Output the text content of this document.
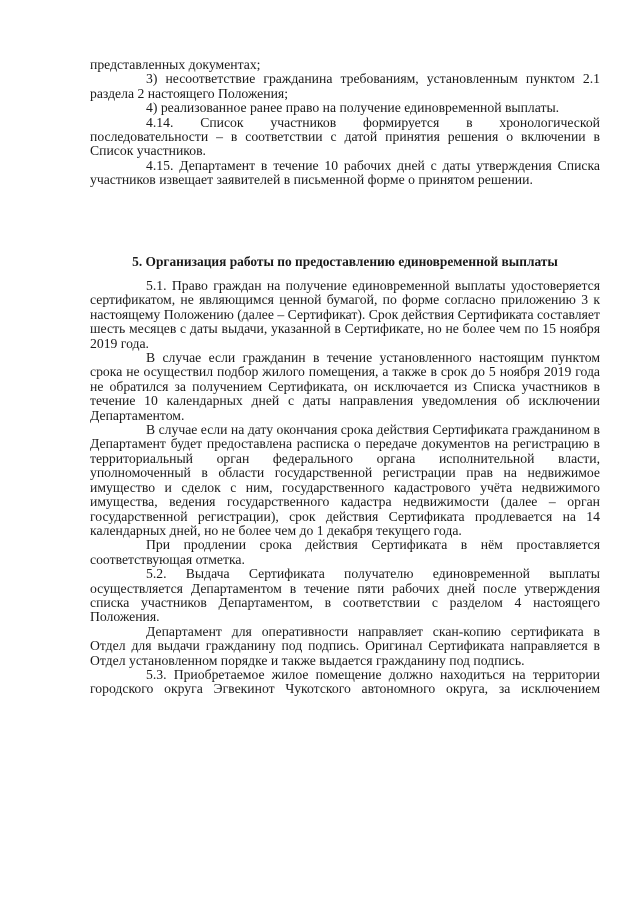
представленных документах;

3) несоответствие гражданина требованиям, установленным пунктом 2.1 раздела 2 настоящего Положения;

4) реализованное ранее право на получение единовременной выплаты.

4.14. Список участников формируется в хронологической последовательности – в соответствии с датой принятия решения о включении в Список участников.

4.15. Департамент в течение 10 рабочих дней с даты утверждения Списка участников извещает заявителей в письменной форме о принятом решении.

5. Организация работы по предоставлению единовременной выплаты

5.1. Право граждан на получение единовременной выплаты удостоверяется сертификатом, не являющимся ценной бумагой, по форме согласно приложению 3 к настоящему Положению (далее – Сертификат). Срок действия Сертификата составляет шесть месяцев с даты выдачи, указанной в Сертификате, но не более чем по 15 ноября 2019 года.

В случае если гражданин в течение установленного настоящим пунктом срока не осуществил подбор жилого помещения, а также в срок до 5 ноября 2019 года не обратился за получением Сертификата, он исключается из Списка участников в течение 10 календарных дней с даты направления уведомления об исключении Департаментом.

В случае если на дату окончания срока действия Сертификата гражданином в Департамент будет предоставлена расписка о передаче документов на регистрацию в территориальный орган федерального органа исполнительной власти, уполномоченный в области государственной регистрации прав на недвижимое имущество и сделок с ним, государственного кадастрового учёта недвижимого имущества, ведения государственного кадастра недвижимости (далее – орган государственной регистрации), срок действия Сертификата продлевается на 14 календарных дней, но не более чем до 1 декабря текущего года.

При продлении срока действия Сертификата в нём проставляется соответствующая отметка.

5.2. Выдача Сертификата получателю единовременной выплаты осуществляется Департаментом в течение пяти рабочих дней после утверждения списка участников Департаментом, в соответствии с разделом 4 настоящего Положения.

Департамент для оперативности направляет скан-копию сертификата в Отдел для выдачи гражданину под подпись. Оригинал Сертификата направляется в Отдел установленном порядке и также выдается гражданину под подпись.

5.3. Приобретаемое жилое помещение должно находиться на территории городского округа Эгвекинот Чукотского автономного округа, за исключением
